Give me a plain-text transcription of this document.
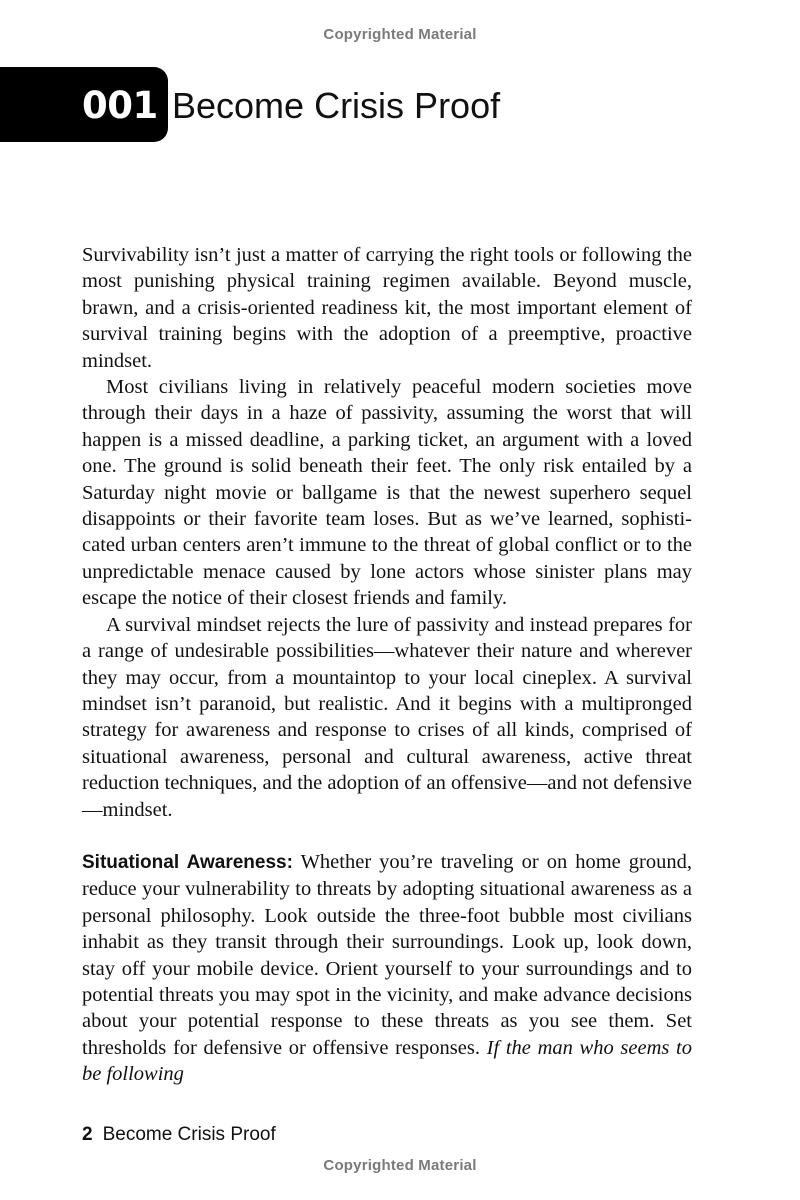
Copyrighted Material
001 Become Crisis Proof

Survivability isn’t just a matter of carrying the right tools or following the most punishing physical training regimen available. Beyond muscle, brawn, and a crisis-oriented readiness kit, the most important element of survival training begins with the adoption of a preemptive, proactive mindset.

Most civilians living in relatively peaceful modern societies move through their days in a haze of passivity, assuming the worst that will happen is a missed deadline, a parking ticket, an argument with a loved one. The ground is solid beneath their feet. The only risk entailed by a Saturday night movie or ballgame is that the newest superhero sequel disappoints or their favorite team loses. But as we’ve learned, sophisticated urban centers aren’t immune to the threat of global conflict or to the unpredictable menace caused by lone actors whose sinister plans may escape the notice of their closest friends and family.

A survival mindset rejects the lure of passivity and instead prepares for a range of undesirable possibilities—whatever their nature and wherever they may occur, from a mountaintop to your local cineplex. A survival mindset isn’t paranoid, but realistic. And it begins with a multipronged strategy for awareness and response to crises of all kinds, comprised of situational awareness, personal and cultural awareness, active threat reduction techniques, and the adoption of an offensive—and not defensive—mindset.

Situational Awareness: Whether you’re traveling or on home ground, reduce your vulnerability to threats by adopting situational awareness as a personal philosophy. Look outside the three-foot bubble most civilians inhabit as they transit through their surroundings. Look up, look down, stay off your mobile device. Orient yourself to your surroundings and to potential threats you may spot in the vicinity, and make advance decisions about your potential response to these threats as you see them. Set thresholds for defensive or offensive responses. If the man who seems to be following

2 Become Crisis Proof
Copyrighted Material
